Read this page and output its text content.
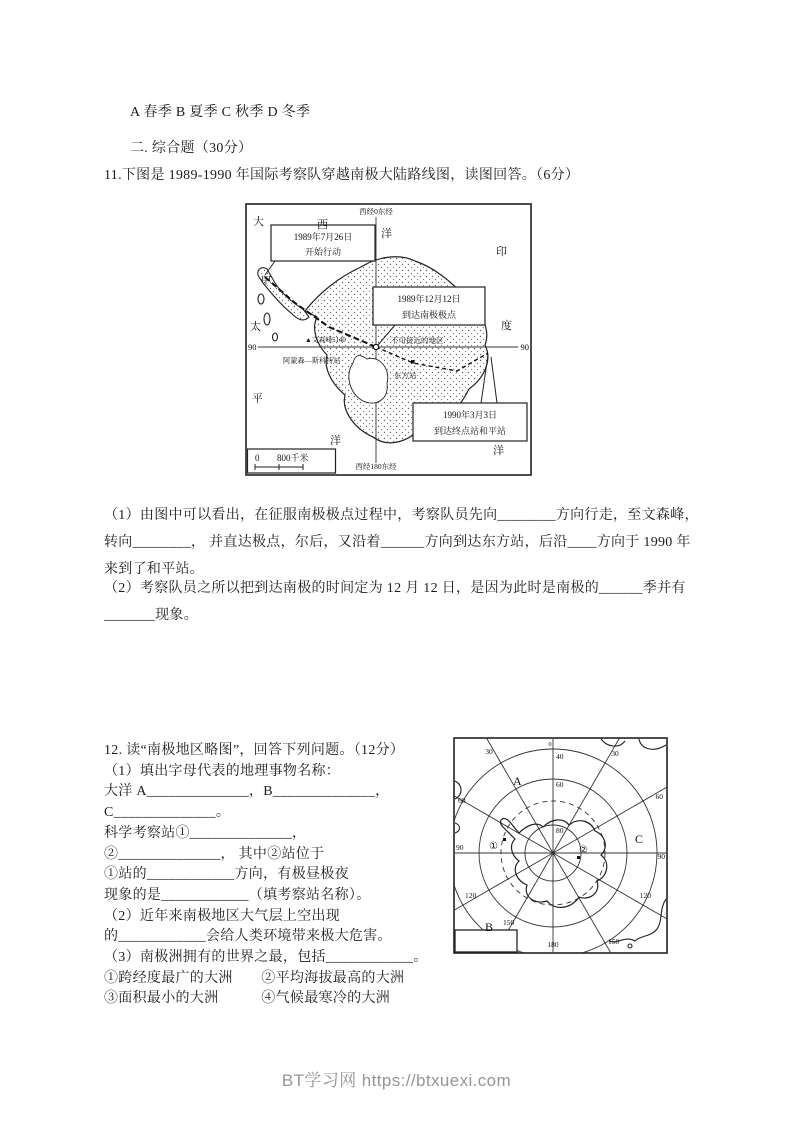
A 春季 B 夏季 C 秋季 D 冬季
二. 综合题（30分）
11.下图是 1989-1990 年国际考察队穿越南极大陆路线图，读图回答。（6分）
1989年7月26日
开始行动
1989年12月12日
到达南极极点
1990年3月3日
到达终点站和平站
西经0东经
西经180东经
90	90
大	西
洋
印
度
洋
太
平
洋
甲
▲文森峰5140
阿蒙森—斯科特站
不可接近的地区
东方站
0 800千米
（1）由图中可以看出，在征服南极极点过程中，考察队员先向________方向行走，至文森峰，转向________， 并直达极点，尔后，又沿着______方向到达东方站，后沿____方向于 1990 年来到了和平站。
（2）考察队员之所以把到达南极的时间定为 12 月 12 日，是因为此时是南极的______季并有_______现象。
12. 读“南极地区略图”，回答下列问题。（12分）
（1）填出字母代表的地理事物名称：
大洋 A______________，B______________，
C______________。
科学考察站①______________，
②______________， 其中②站位于
①站的____________方向，有极昼极夜
现象的是____________（填考察站名称）。
（2）近年来南极地区大气层上空出现
的____________会给人类环境带来极大危害。
（3）南极洲拥有的世界之最，包括____________。
①跨经度最广的大洲　　②平均海拔最高的大洲
③面积最小的大洲　　　④气候最寒冷的大洲
0
30	30
60	60
90
90
120	120
150
150
180
40
60
80
A
B
C
①	②
BT学习网 https://btxuexi.com
